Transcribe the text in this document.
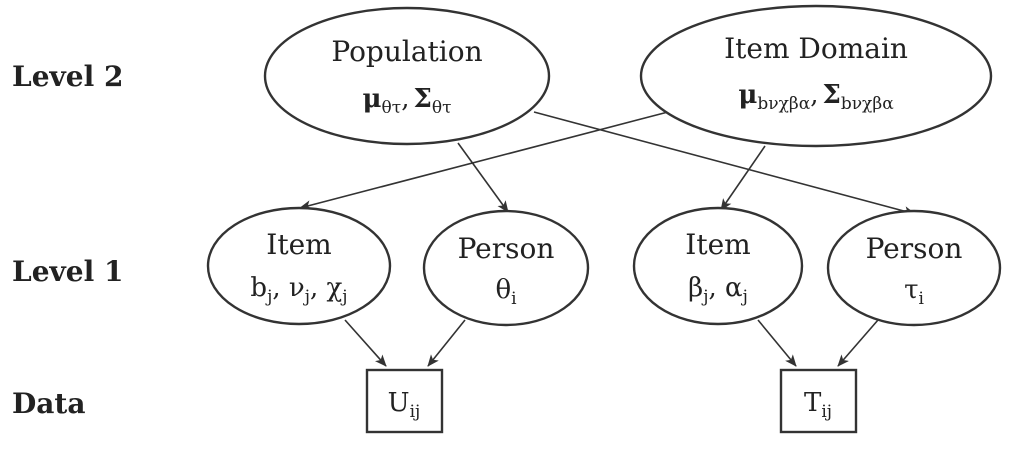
Level 2
Level 1
Data
Population
$\mu_{\theta\tau}$, $\Sigma_{\theta\tau}$
Item Domain
$\mu_{b\nu\chi\beta\alpha}$, $\Sigma_{b\nu\chi\beta\alpha}$
Item
$b_j$, $\nu_j$, $\chi_j$
Person
$\theta_i$
Item
$\beta_j$, $\alpha_j$
Person
$\tau_i$
$U_{ij}$	$T_{ij}$
